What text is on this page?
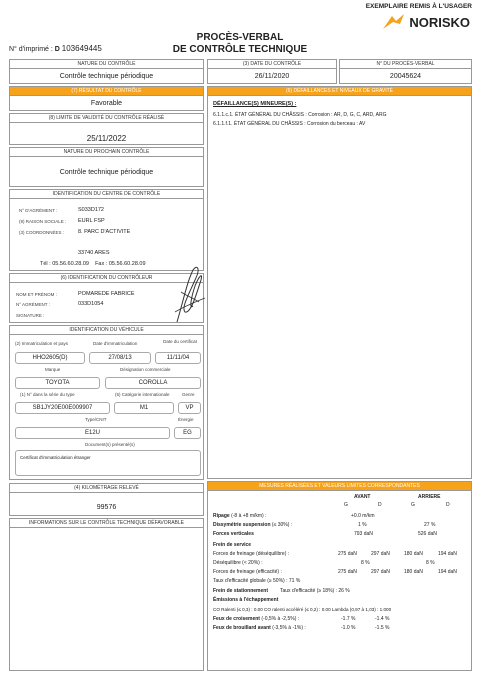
EXEMPLAIRE REMIS À L'USAGER
NORISKO
PROCÈS-VERBAL
DE CONTRÔLE TECHNIQUE
N° d'imprimé : D 103649445
NATURE DU CONTRÔLE
Contrôle technique périodique
(3) DATE DU CONTRÔLE
26/11/2020
N° DU PROCÈS-VERBAL
20045624
(7) RÉSULTAT DU CONTRÔLE
Favorable
(8) LIMITE DE VALIDITÉ DU CONTRÔLE RÉALISÉ
25/11/2022
NATURE DU PROCHAIN CONTRÔLE
Contrôle technique périodique
IDENTIFICATION DU CENTRE DE CONTRÔLE
N° D'AGRÉMENT :	S033D172
(9) RAISON SOCIALE : EURL FSP
(3) COORDONNÉES :	8. PARC D'ACTIVITE
33740 ARES
Tél : 05.56.60.28.09 Fax : 05.56.60.28.09
(6) IDENTIFICATION DU CONTRÔLEUR
NOM ET PRÉNOM :	POMAREDE FABRICE
N° AGRÉMENT :	033D1054
SIGNATURE :
IDENTIFICATION DU VÉHICULE
(2) Immatriculation et pays	Date d'immatriculation	Date du certificat
HHO2605(D)	27/08/13	11/11/04
Marque	Désignation commerciale
TOYOTA	COROLLA
(1) N° dans la série du type	(5) Catégorie internationale	Genre
SB1JY20E00E009907	M1	VP
Type/CNIT	Énergie
E12U	EG
Document(s) présenté(s)
Certificat d'immatriculation étranger
(4) KILOMÉTRAGE RELEVÉ
99576
INFORMATIONS SUR LE CONTRÔLE TECHNIQUE DÉFAVORABLE
(6) DÉFAILLANCES ET NIVEAUX DE GRAVITÉ
DÉFAILLANCE(S) MINEURE(S) :
6.1.1.c.1. ÉTAT GÉNÉRAL DU CHÂSSIS : Corrosion : AR, D, G, C, ARD, ARG
6.1.1.f.1. ÉTAT GÉNÉRAL DU CHÂSSIS : Corrosion du berceau : AV
MESURES RÉALISÉES ET VALEURS LIMITES CORRESPONDANTES
AVANT	ARRIERE
G	D	G	D
Ripage (-8 à +8 m/km) :	+0.0 m/km
Dissymétrie suspension (≤ 30%) :	1 %	27 %
Forces verticales	793 daN	526 daN
Frein de service
Forces de freinage (déséquilibre) :	275 daN	297 daN	180 daN	194 daN
Déséquilibre (< 20%) :	8 %	8 %
Forces de freinage (efficacité) :	275 daN	297 daN	180 daN	194 daN
Taux d'efficacité globale (≥ 50%) : 71 %
Frein de stationnement Taux d'efficacité (≥ 18%) : 26 %
Émissions à l'échappement
CO Ralenti (≤ 0,3) : 0.00 CO ralenti accéléré (≤ 0,2) : 0.00 Lambda (0,97 à 1,03) : 1.000
Feux de croisement (-0,5% à -2,5%) :	-1.7 %	-1.4 %
Feux de brouillard avant (-3,5% à -1%) :	-1.0 %	-1.5 %
